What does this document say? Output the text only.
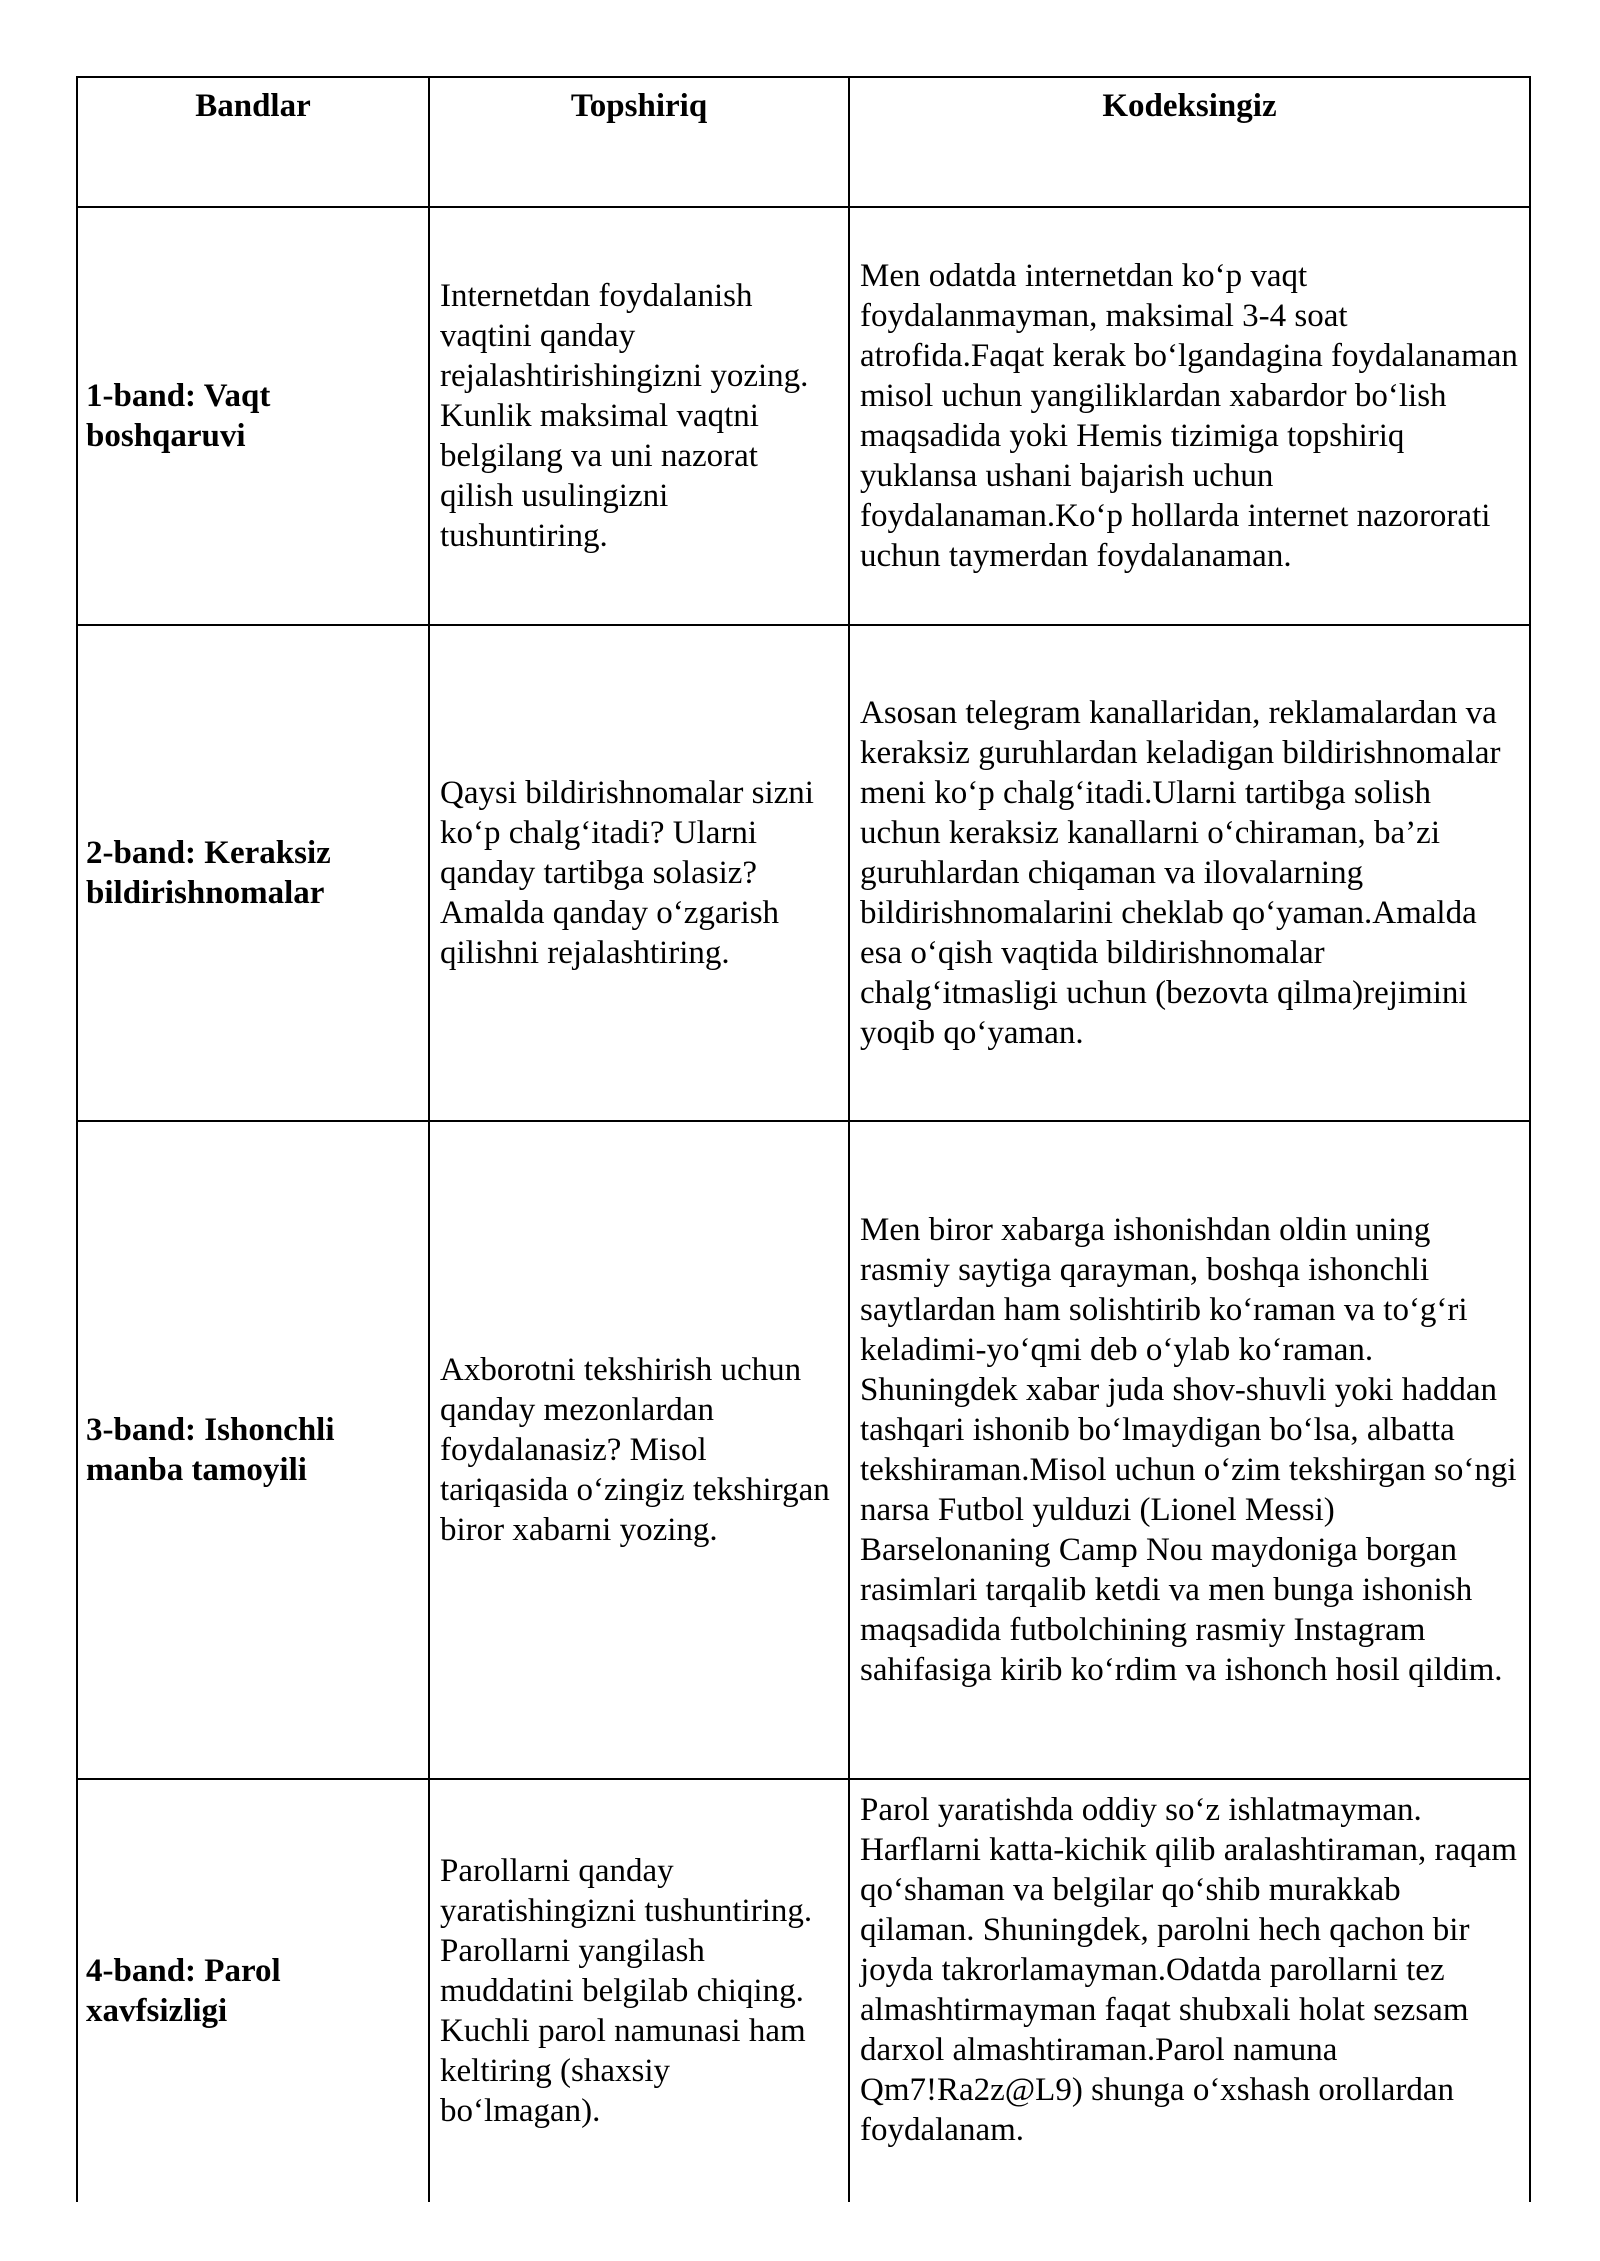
Bandlar	Topshiriq	Kodeksingiz
1-band: Vaqt boshqaruvi	Internetdan foydalanish vaqtini qanday rejalashtirishingizni yozing. Kunlik maksimal vaqtni belgilang va uni nazorat qilish usulingizni tushuntiring.	Men odatda internetdan ko‘p vaqt foydalanmayman, maksimal 3-4 soat atrofida.Faqat kerak bo‘lgandagina foydalanaman misol uchun yangiliklardan xabardor bo‘lish maqsadida yoki Hemis tizimiga topshiriq yuklansa ushani bajarish uchun foydalanaman.Ko‘p hollarda internet nazororati uchun taymerdan foydalanaman.
2-band: Keraksiz bildirishnomalar	Qaysi bildirishnomalar sizni ko‘p chalg‘itadi? Ularni qanday tartibga solasiz? Amalda qanday o‘zgarish qilishni rejalashtiring.	Asosan telegram kanallaridan, reklamalardan va keraksiz guruhlardan keladigan bildirishnomalar meni ko‘p chalg‘itadi.Ularni tartibga solish uchun keraksiz kanallarni o‘chiraman, ba’zi guruhlardan chiqaman va ilovalarning bildirishnomalarini cheklab qo‘yaman.Amalda esa o‘qish vaqtida bildirishnomalar chalg‘itmasligi uchun (bezovta qilma)rejimini yoqib qo‘yaman.
3-band: Ishonchli manba tamoyili	Axborotni tekshirish uchun qanday mezonlardan foydalanasiz? Misol tariqasida o‘zingiz tekshirgan biror xabarni yozing.	Men biror xabarga ishonishdan oldin uning rasmiy saytiga qarayman, boshqa ishonchli saytlardan ham solishtirib ko‘raman va to‘g‘ri keladimi-yo‘qmi deb o‘ylab ko‘raman. Shuningdek xabar juda shov-shuvli yoki haddan tashqari ishonib bo‘lmaydigan bo‘lsa, albatta tekshiraman.Misol uchun o‘zim tekshirgan so‘ngi narsa Futbol yulduzi (Lionel Messi) Barselonaning Camp Nou maydoniga borgan rasimlari tarqalib ketdi va men bunga ishonish maqsadida futbolchining rasmiy Instagram sahifasiga kirib ko‘rdim va ishonch hosil qildim.
4-band: Parol xavfsizligi	Parollarni qanday yaratishingizni tushuntiring. Parollarni yangilash muddatini belgilab chiqing. Kuchli parol namunasi ham keltiring (shaxsiy bo‘lmagan).	Parol yaratishda oddiy so‘z ishlatmayman. Harflarni katta-kichik qilib aralashtiraman, raqam qo‘shaman va belgilar qo‘shib murakkab qilaman. Shuningdek, parolni hech qachon bir joyda takrorlamayman.Odatda parollarni tez almashtirmayman faqat shubxali holat sezsam darxol almashtiraman.Parol namuna Qm7!Ra2z@L9) shunga o‘xshash orollardan foydalanam.
